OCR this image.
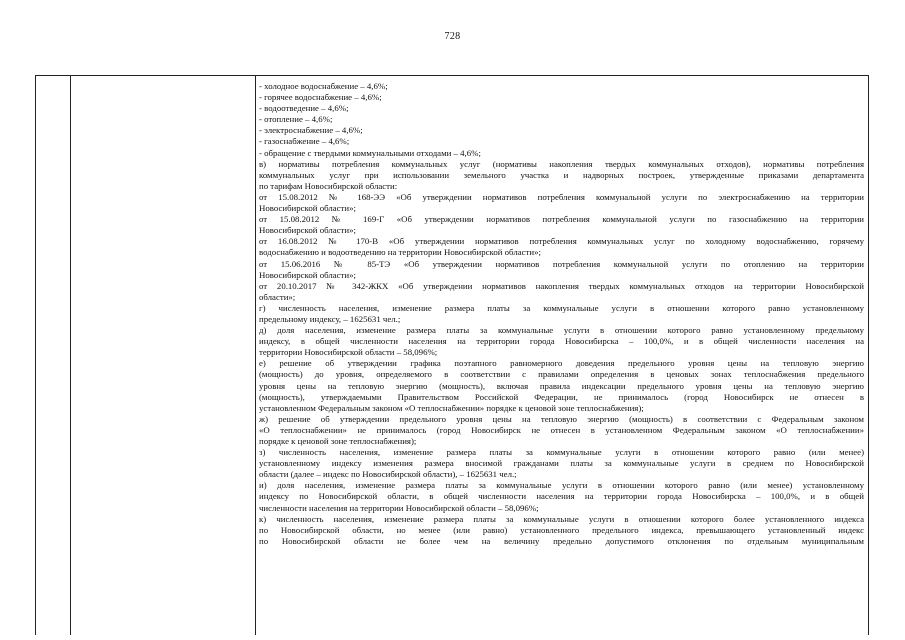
728
- холодное водоснабжение – 4,6%;
- горячее водоснабжение – 4,6%;
- водоотведение – 4,6%;
- отопление – 4,6%;
- электроснабжение – 4,6%;
- газоснабжение – 4,6%;
- обращение с твердыми коммунальными отходами – 4,6%;
в) нормативы потребления коммунальных услуг (нормативы накопления твердых коммунальных отходов), нормативы потребления
коммунальных услуг при использовании земельного участка и надворных построек, утвержденные приказами департамента
по тарифам Новосибирской области:
от 15.08.2012 № 168-ЭЭ «Об утверждении нормативов потребления коммунальной услуги по электроснабжению на территории
Новосибирской области»;
от 15.08.2012 № 169-Г «Об утверждении нормативов потребления коммунальной услуги по газоснабжению на территории
Новосибирской области»;
от 16.08.2012 № 170-В «Об утверждении нормативов потребления коммунальных услуг по холодному водоснабжению, горячему
водоснабжению и водоотведению на территории Новосибирской области»;
от 15.06.2016 № 85-ТЭ «Об утверждении нормативов потребления коммунальной услуги по отоплению на территории
Новосибирской области»;
от 20.10.2017 № 342-ЖКХ «Об утверждении нормативов накопления твердых коммунальных отходов на территории Новосибирской
области»;
г) численность населения, изменение размера платы за коммунальные услуги в отношении которого равно установленному
предельному индексу, – 1625631 чел.;
д) доля населения, изменение размера платы за коммунальные услуги в отношении которого равно установленному предельному
индексу, в общей численности населения на территории города Новосибирска – 100,0%, и в общей численности населения на
территории Новосибирской области – 58,096%;
е) решение об утверждении графика поэтапного равномерного доведения предельного уровня цены на тепловую энергию
(мощность) до уровня, определяемого в соответствии с правилами определения в ценовых зонах теплоснабжения предельного
уровня цены на тепловую энергию (мощность), включая правила индексации предельного уровня цены на тепловую энергию
(мощность), утверждаемыми Правительством Российской Федерации, не принималось (город Новосибирск не отнесен в
установленном Федеральным законом «О теплоснабжении» порядке к ценовой зоне теплоснабжения);
ж) решение об утверждении предельного уровня цены на тепловую энергию (мощность) в соответствии с Федеральным законом
«О теплоснабжении» не принималось (город Новосибирск не отнесен в установленном Федеральным законом «О теплоснабжении»
порядке к ценовой зоне теплоснабжения);
з) численность населения, изменение размера платы за коммунальные услуги в отношении которого равно (или менее)
установленному индексу изменения размера вносимой гражданами платы за коммунальные услуги в среднем по Новосибирской
области (далее – индекс по Новосибирской области), – 1625631 чел.;
и) доля населения, изменение размера платы за коммунальные услуги в отношении которого равно (или менее) установленному
индексу по Новосибирской области, в общей численности населения на территории города Новосибирска – 100,0%, и в общей
численности населения на территории Новосибирской области – 58,096%;
к) численность населения, изменение размера платы за коммунальные услуги в отношении которого более установленного индекса
по Новосибирской области, но менее (или равно) установленного предельного индекса, превышающего установленный индекс
по Новосибирской области не более чем на величину предельно допустимого отклонения по отдельным муниципальным
